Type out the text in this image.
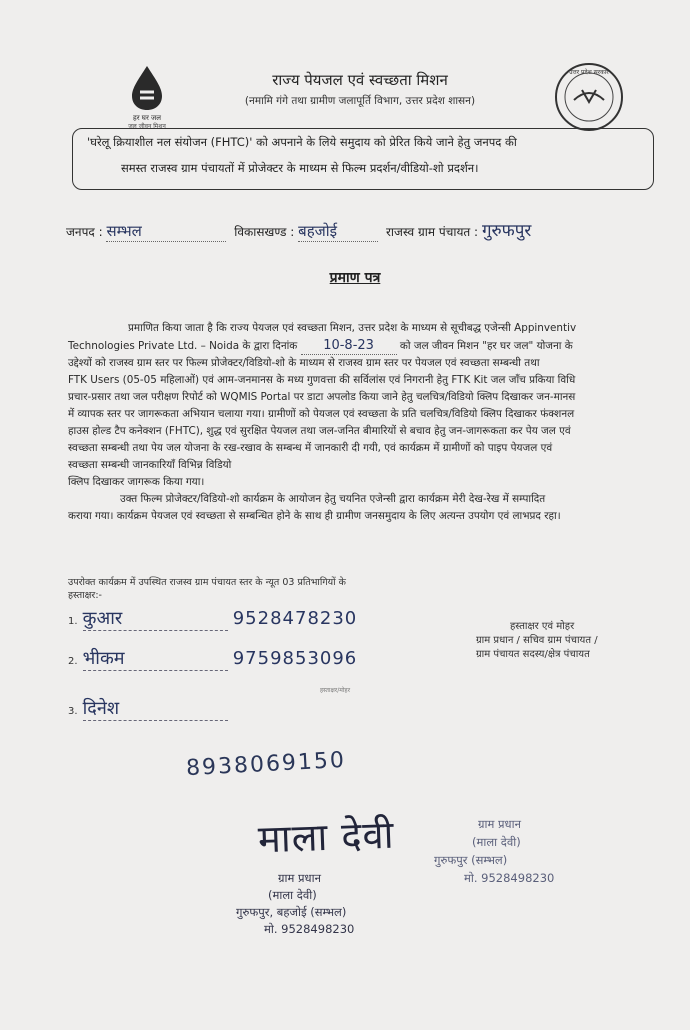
हर घर जल
जल जीवन मिशन
उत्तर प्रदेश सरकार
राज्य पेयजल एवं स्वच्छता मिशन
(नमामि गंगे तथा ग्रामीण जलापूर्ति विभाग, उत्तर प्रदेश शासन)

'घरेलू क्रियाशील नल संयोजन (FHTC)' को अपनाने के लिये समुदाय को प्रेरित किये जाने हेतु जनपद की

समस्त राजस्व ग्राम पंचायतों में प्रोजेक्टर के माध्यम से फिल्म प्रदर्शन/वीडियो-शो प्रदर्शन।

जनपद : सम्भल	विकासखण्ड : बहजोई	राजस्व ग्राम पंचायत : गुरुफपुर
प्रमाण पत्र

प्रमाणित किया जाता है कि राज्य पेयजल एवं स्वच्छता मिशन, उत्तर प्रदेश के माध्यम से सूचीबद्ध एजेन्सी Appinventiv

Technologies Private Ltd. – Noida के द्वारा दिनांक 10-8-23 को जल जीवन मिशन "हर घर जल" योजना के

उद्देश्यों को राजस्व ग्राम स्तर पर फिल्म प्रोजेक्टर/विडियो-शो के माध्यम से राजस्व ग्राम स्तर पर पेयजल एवं स्वच्छता सम्बन्धी तथा

FTK Users (05-05 महिलाओं) एवं आम-जनमानस के मध्य गुणवत्ता की सर्विलांस एवं निगरानी हेतु FTK Kit जल जाँच प्रकिया विधि

प्रचार-प्रसार तथा जल परीक्षण रिपोर्ट को WQMIS Portal पर डाटा अपलोड किया जाने हेतु चलचित्र/विडियो क्लिप दिखाकर जन-मानस

में व्यापक स्तर पर जागरूकता अभियान चलाया गया। ग्रामीणों को पेयजल एवं स्वच्छता के प्रति चलचित्र/विडियो क्लिप दिखाकर फंक्शनल

हाउस होल्ड टैप कनेक्शन (FHTC), शुद्ध एवं सुरक्षित पेयजल तथा जल-जनित बीमारियों से बचाव हेतु जन-जागरूकता कर पेय जल एवं

स्वच्छता सम्बन्धी तथा पेय जल योजना के रख-रखाव के सम्बन्ध में जानकारी दी गयी, एवं कार्यक्रम में ग्रामीणों को पाइप पेयजल एवं

स्वच्छता सम्बन्धी जानकारियाँ विभिन्न विडियो

क्लिप दिखाकर जागरूक किया गया।

उक्त फिल्म प्रोजेक्टर/विडियो-शो कार्यक्रम के आयोजन हेतु चयनित एजेन्सी द्वारा कार्यक्रम मेरी देख-रेख में सम्पादित

कराया गया। कार्यक्रम पेयजल एवं स्वच्छता से सम्बन्धित होने के साथ ही ग्रामीण जनसमुदाय के लिए अत्यन्त उपयोग एवं लाभप्रद रहा।

उपरोक्त कार्यक्रम में उपस्थित राजस्व ग्राम पंचायत स्तर के न्यूत 03 प्रतिभागियों के
हस्ताक्षर:-
1. कुआर	9528478230
2. भीकम	9759853096
हस्ताक्षर/मोहर
3. दिनेश
हस्ताक्षर एवं मोहर
ग्राम प्रधान / सचिव ग्राम पंचायत /
ग्राम पंचायत सदस्य/क्षेत्र पंचायत
8938069150
ग्राम प्रधान
(माला देवी)
गुरुफपुर (सम्भल)
मो. 9528498230
माला देवी
ग्राम प्रधान
(माला देवी)
गुरुफपुर, बहजोई (सम्भल)
मो. 9528498230
